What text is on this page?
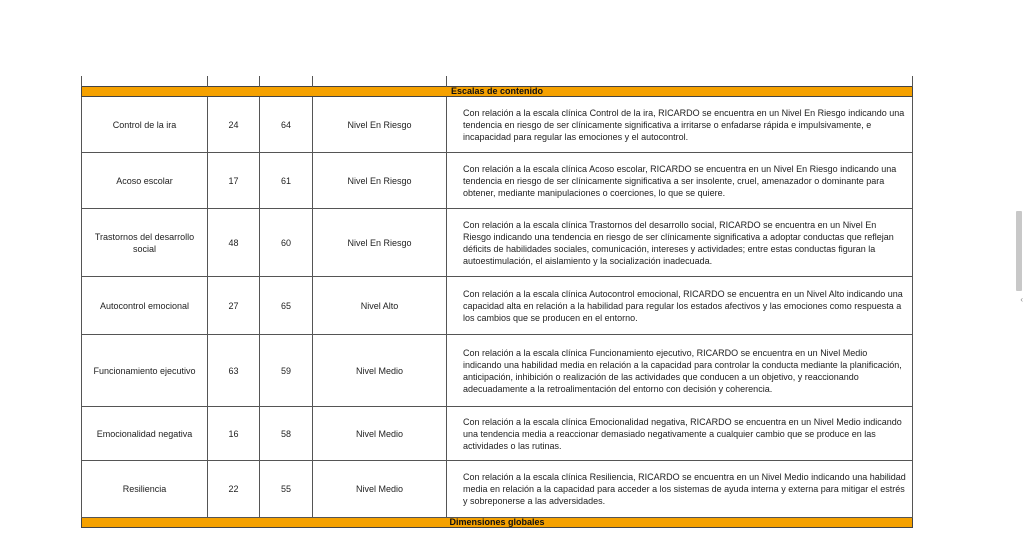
Escalas de contenido				
Control de la ira	24	64	Nivel En Riesgo	Con relación a la escala clínica Control de la ira, RICARDO se encuentra en un Nivel En Riesgo indicando una tendencia en riesgo de ser clínicamente significativa a irritarse o enfadarse rápida e impulsivamente, e incapacidad para regular las emociones y el autocontrol.
Acoso escolar	17	61	Nivel En Riesgo	Con relación a la escala clínica Acoso escolar, RICARDO se encuentra en un Nivel En Riesgo indicando una tendencia en riesgo de ser clínicamente significativa a ser insolente, cruel, amenazador o dominante para obtener, mediante manipulaciones o coerciones, lo que se quiere.
Trastornos del desarrollo social	48	60	Nivel En Riesgo	Con relación a la escala clínica Trastornos del desarrollo social, RICARDO se encuentra en un Nivel En Riesgo indicando una tendencia en riesgo de ser clínicamente significativa a adoptar conductas que reflejan déficits de habilidades sociales, comunicación, intereses y actividades; entre estas conductas figuran la autoestimulación, el aislamiento y la socialización inadecuada.
Autocontrol emocional	27	65	Nivel Alto	Con relación a la escala clínica Autocontrol emocional, RICARDO se encuentra en un Nivel Alto indicando una capacidad alta en relación a la habilidad para regular los estados afectivos y las emociones como respuesta a los cambios que se producen en el entorno.
Funcionamiento ejecutivo	63	59	Nivel Medio	Con relación a la escala clínica Funcionamiento ejecutivo, RICARDO se encuentra en un Nivel Medio indicando una habilidad media en relación a la capacidad para controlar la conducta mediante la planificación, anticipación, inhibición o realización de las actividades que conducen a un objetivo, y reaccionando adecuadamente a la retroalimentación del entorno con decisión y coherencia.
Emocionalidad negativa	16	58	Nivel Medio	Con relación a la escala clínica Emocionalidad negativa, RICARDO se encuentra en un Nivel Medio indicando una tendencia media a reaccionar demasiado negativamente a cualquier cambio que se produce en las actividades o las rutinas.
Resiliencia	22	55	Nivel Medio	Con relación a la escala clínica Resiliencia, RICARDO se encuentra en un Nivel Medio indicando una habilidad media en relación a la capacidad para acceder a los sistemas de ayuda interna y externa para mitigar el estrés y sobreponerse a las adversidades.
Dimensiones globales				
‹
